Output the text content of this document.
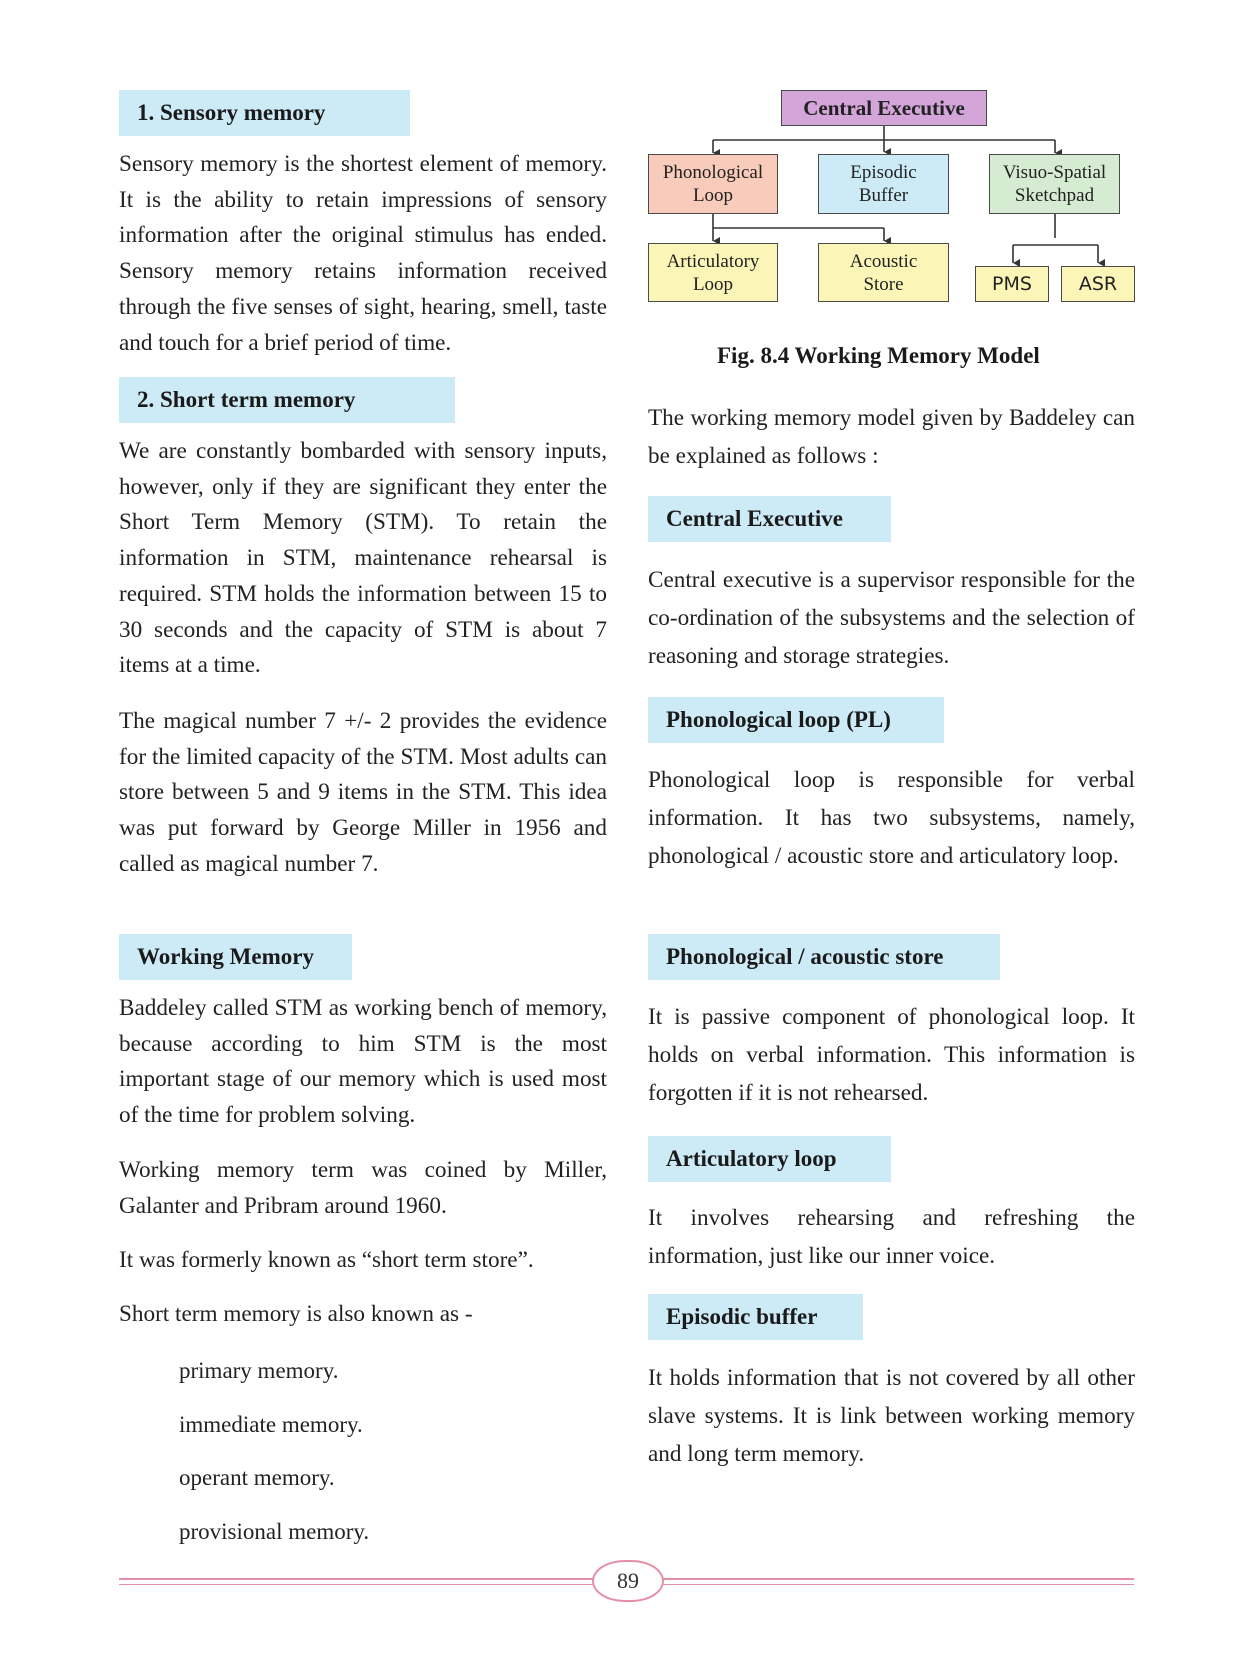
1. Sensory memory

Sensory memory is the shortest element of memory. It is the ability to retain impressions of sensory information after the original stimulus has ended. Sensory memory retains information received through the five senses of sight, hearing, smell, taste and touch for a brief period of time.

2. Short term memory

We are constantly bombarded with sensory inputs, however, only if they are significant they enter the Short Term Memory (STM). To retain the information in STM, maintenance rehearsal is required. STM holds the information between 15 to 30 seconds and the capacity of STM is about 7 items at a time.

The magical number 7 +/- 2 provides the evidence for the limited capacity of the STM. Most adults can store between 5 and 9 items in the STM. This idea was put forward by George Miller in 1956 and called as magical number 7.

Working Memory

Baddeley called STM as working bench of memory, because according to him STM is the most important stage of our memory which is used most of the time for problem solving.

Working memory term was coined by Miller, Galanter and Pribram around 1960.

It was formerly known as “short term store”.

Short term memory is also known as -

primary memory.
immediate memory.
operant memory.
provisional memory.
Central Executive
Phonological
Loop
Episodic
Buffer
Visuo-Spatial
Sketchpad
Articulatory
Loop
Acoustic
Store	PMS ASR
Fig. 8.4 Working Memory Model

The working memory model given by Baddeley can be explained as follows :

Central Executive

Central executive is a supervisor responsible for the co-ordination of the subsystems and the selection of reasoning and storage strategies.

Phonological loop (PL)

Phonological loop is responsible for verbal information. It has two subsystems, namely, phonological / acoustic store and articulatory loop.

Phonological / acoustic store

It is passive component of phonological loop. It holds on verbal information. This information is forgotten if it is not rehearsed.

Articulatory loop

It involves rehearsing and refreshing the information, just like our inner voice.

Episodic buffer

It holds information that is not covered by all other slave systems. It is link between working memory and long term memory.

89
